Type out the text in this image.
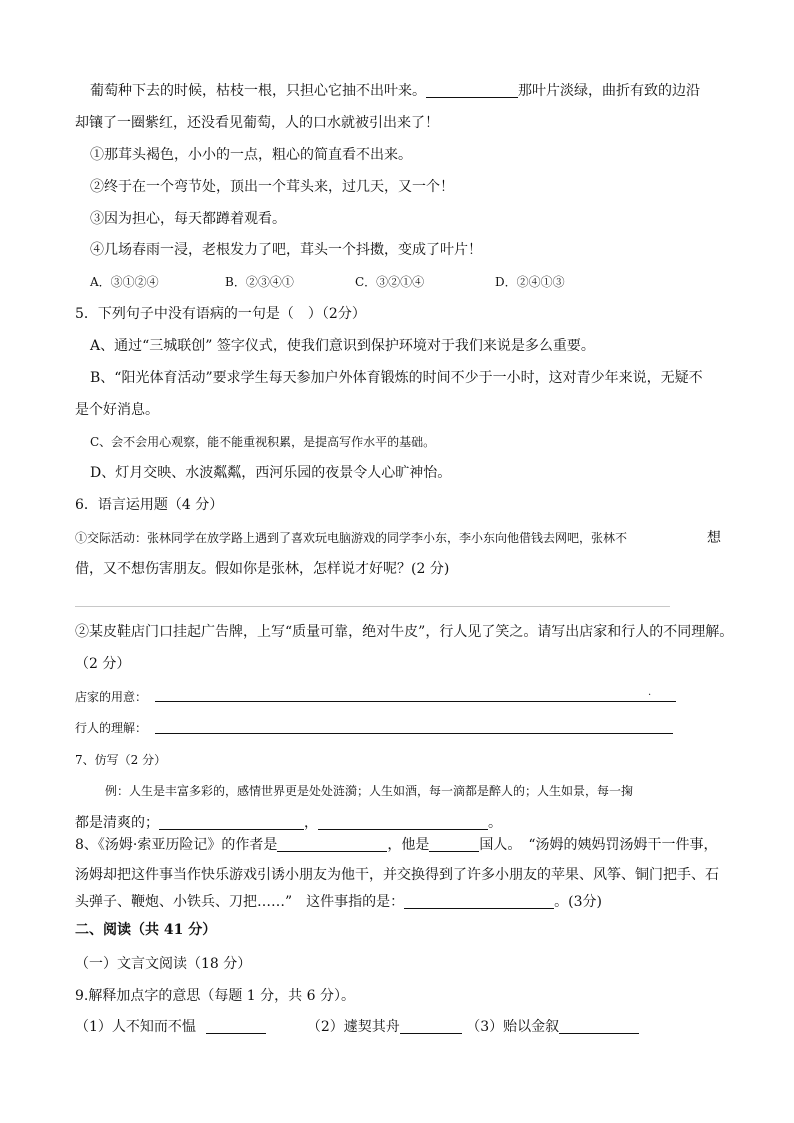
葡萄种下去的时候，枯枝一根，只担心它抽不出叶来。	那叶片淡绿，曲折有致的边沿
却镶了一圈紫红，还没看见葡萄，人的口水就被引出来了！
①那茸头褐色，小小的一点，粗心的简直看不出来。
②终于在一个弯节处，顶出一个茸头来，过几天，又一个！
③因为担心，每天都蹲着观看。
④几场春雨一浸，老根发力了吧，茸头一个抖擞，变成了叶片！
A．③①②④	B．②③④①	C．③②①④	D．②④①③
5．下列句子中没有语病的一句是（　）（2分）
A、通过“三城联创” 签字仪式，使我们意识到保护环境对于我们来说是多么重要。
B、“阳光体育活动”要求学生每天参加户外体育锻炼的时间不少于一小时，这对青少年来说，无疑不
是个好消息。
C、会不会用心观察，能不能重视积累，是提高写作水平的基础。
D、灯月交映、水波粼粼，西河乐园的夜景令人心旷神怡。
6．语言运用题（4 分）
①交际活动：张林同学在放学路上遇到了喜欢玩电脑游戏的同学李小东，李小东向他借钱去网吧，张林不	想
借，又不想伤害朋友。假如你是张林，怎样说才好呢？(2 分)
②某皮鞋店门口挂起广告牌，上写“质量可靠，绝对牛皮”，行人见了笑之。请写出店家和行人的不同理解。
（2 分）
店家的用意：	.
行人的理解：
7、仿写（2 分）
例：人生是丰富多彩的，感情世界更是处处涟漪；人生如酒，每一滴都是醉人的；人生如景，每一掬
都是清爽的；	，	。
8、《汤姆·索亚历险记》的作者是	，他是	国人。　“汤姆的姨妈罚汤姆干一件事，
汤姆却把这件事当作快乐游戏引诱小朋友为他干，并交换得到了许多小朋友的苹果、风筝、铜门把手、石
头弹子、鞭炮、小铁兵、刀把……”　这件事指的是：	。(3分)
二、阅读（共 41 分）
（一）文言文阅读（18 分）
9.解释加点字的意思（每题 1 分，共 6 分）。
（1）人不知而不愠	（2）遽契其舟	（3）贻以金叙
